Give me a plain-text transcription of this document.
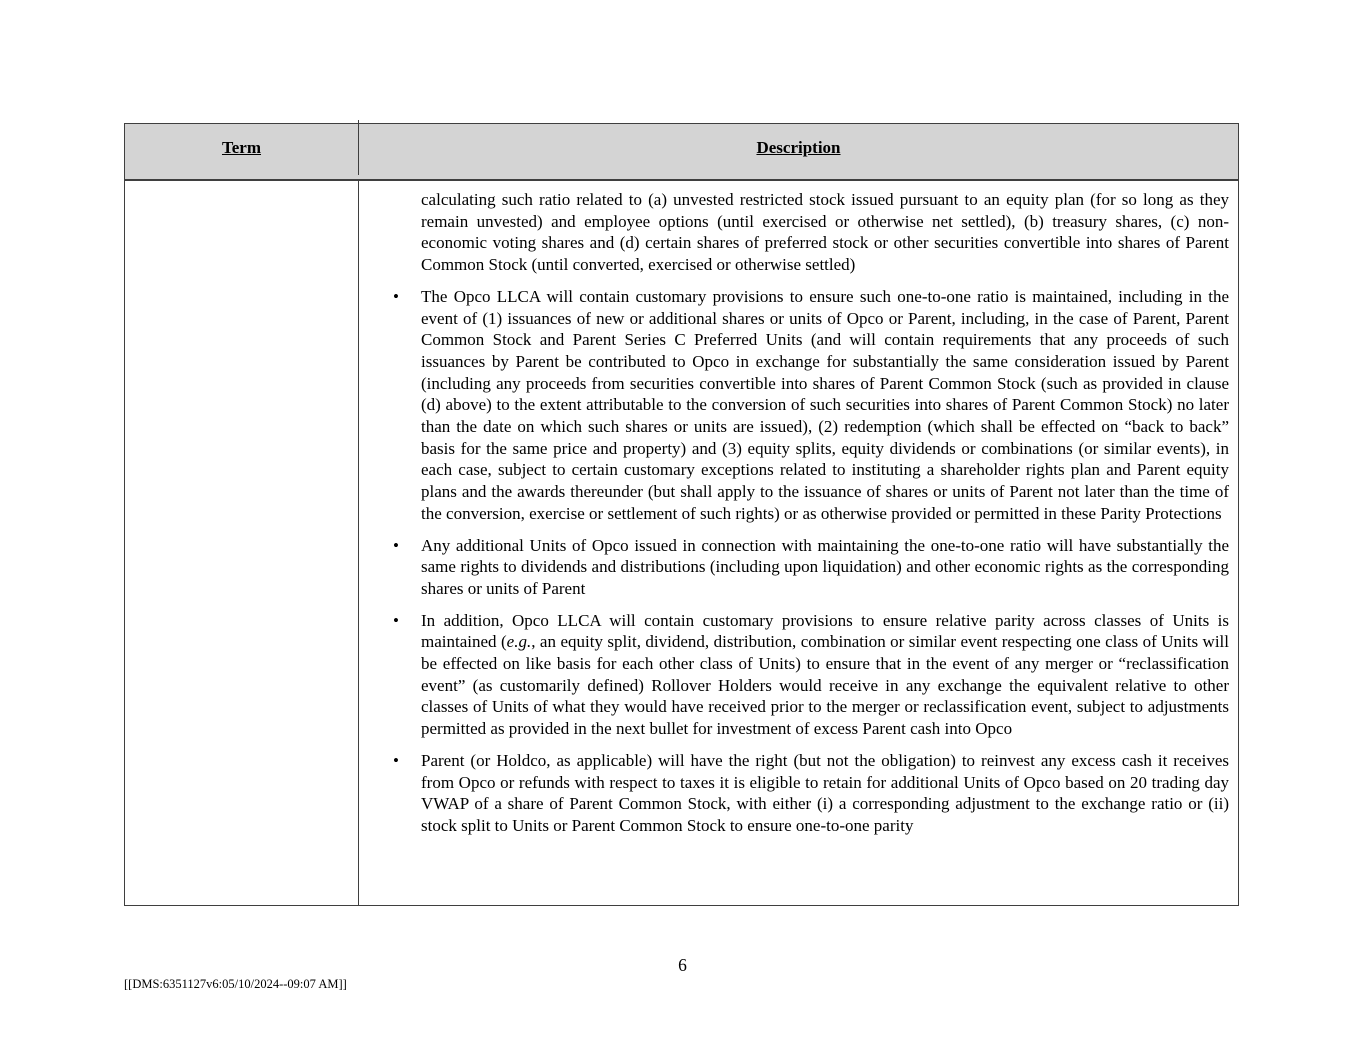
Term	Description
calculating such ratio related to (a) unvested restricted stock issued pursuant to an equity plan (for so long as they remain unvested) and employee options (until exercised or otherwise net settled), (b) treasury shares, (c) non-economic voting shares and (d) certain shares of preferred stock or other securities convertible into shares of Parent Common Stock (until converted, exercised or otherwise settled)
•	The Opco LLCA will contain customary provisions to ensure such one-to-one ratio is maintained, including in the event of (1) issuances of new or additional shares or units of Opco or Parent, including, in the case of Parent, Parent Common Stock and Parent Series C Preferred Units (and will contain requirements that any proceeds of such issuances by Parent be contributed to Opco in exchange for substantially the same consideration issued by Parent (including any proceeds from securities convertible into shares of Parent Common Stock (such as provided in clause (d) above) to the extent attributable to the conversion of such securities into shares of Parent Common Stock) no later than the date on which such shares or units are issued), (2) redemption (which shall be effected on “back to back” basis for the same price and property) and (3) equity splits, equity dividends or combinations (or similar events), in each case, subject to certain customary exceptions related to instituting a shareholder rights plan and Parent equity plans and the awards thereunder (but shall apply to the issuance of shares or units of Parent not later than the time of the conversion, exercise or settlement of such rights) or as otherwise provided or permitted in these Parity Protections
•	Any additional Units of Opco issued in connection with maintaining the one-to-one ratio will have substantially the same rights to dividends and distributions (including upon liquidation) and other economic rights as the corresponding shares or units of Parent
•	In addition, Opco LLCA will contain customary provisions to ensure relative parity across classes of Units is maintained (e.g., an equity split, dividend, distribution, combination or similar event respecting one class of Units will be effected on like basis for each other class of Units) to ensure that in the event of any merger or “reclassification event” (as customarily defined) Rollover Holders would receive in any exchange the equivalent relative to other classes of Units of what they would have received prior to the merger or reclassification event, subject to adjustments permitted as provided in the next bullet for investment of excess Parent cash into Opco
•	Parent (or Holdco, as applicable) will have the right (but not the obligation) to reinvest any excess cash it receives from Opco or refunds with respect to taxes it is eligible to retain for additional Units of Opco based on 20 trading day VWAP of a share of Parent Common Stock, with either (i) a corresponding adjustment to the exchange ratio or (ii) stock split to Units or Parent Common Stock to ensure one-to-one parity
6
[[DMS:6351127v6:05/10/2024--09:07 AM]]
